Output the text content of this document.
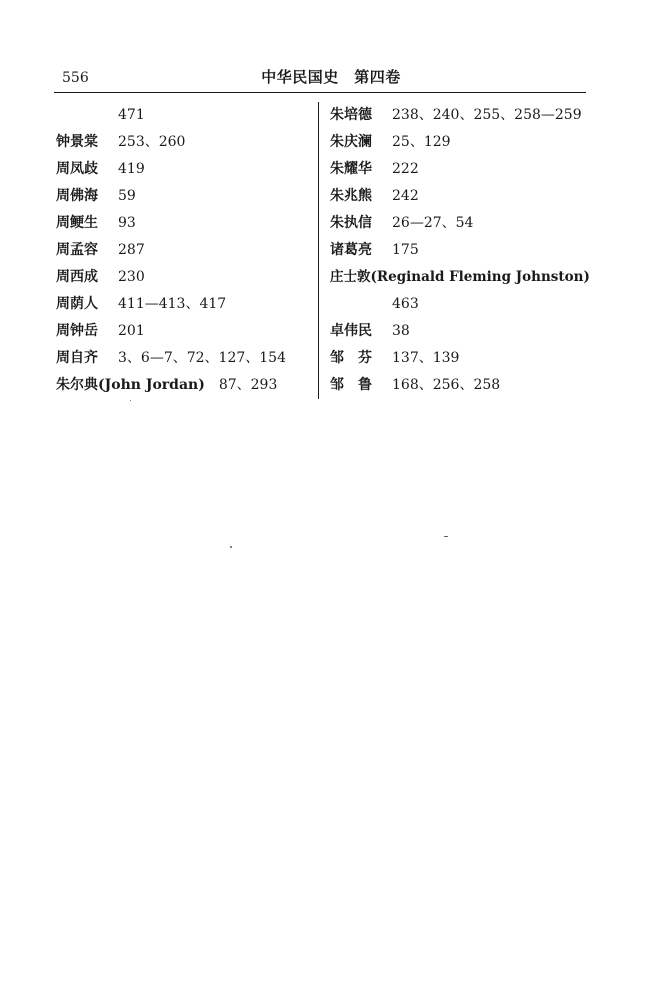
556	中华民国史　第四卷
471
钟景棠 253、260
周凤歧 419
周佛海 59
周鲠生 93
周孟容 287
周西成 230
周荫人 411—413、417
周钟岳 201
周自齐 3、6—7、72、127、154
朱尔典(John Jordan) 87、293
朱培德 238、240、255、258—259
朱庆澜 25、129
朱耀华 222
朱兆熊 242
朱执信 26—27、54
诸葛亮 175
庄士敦(Reginald Fleming Johnston)
463
卓伟民 38
邹　芬 137、139
邹　鲁 168、256、258
